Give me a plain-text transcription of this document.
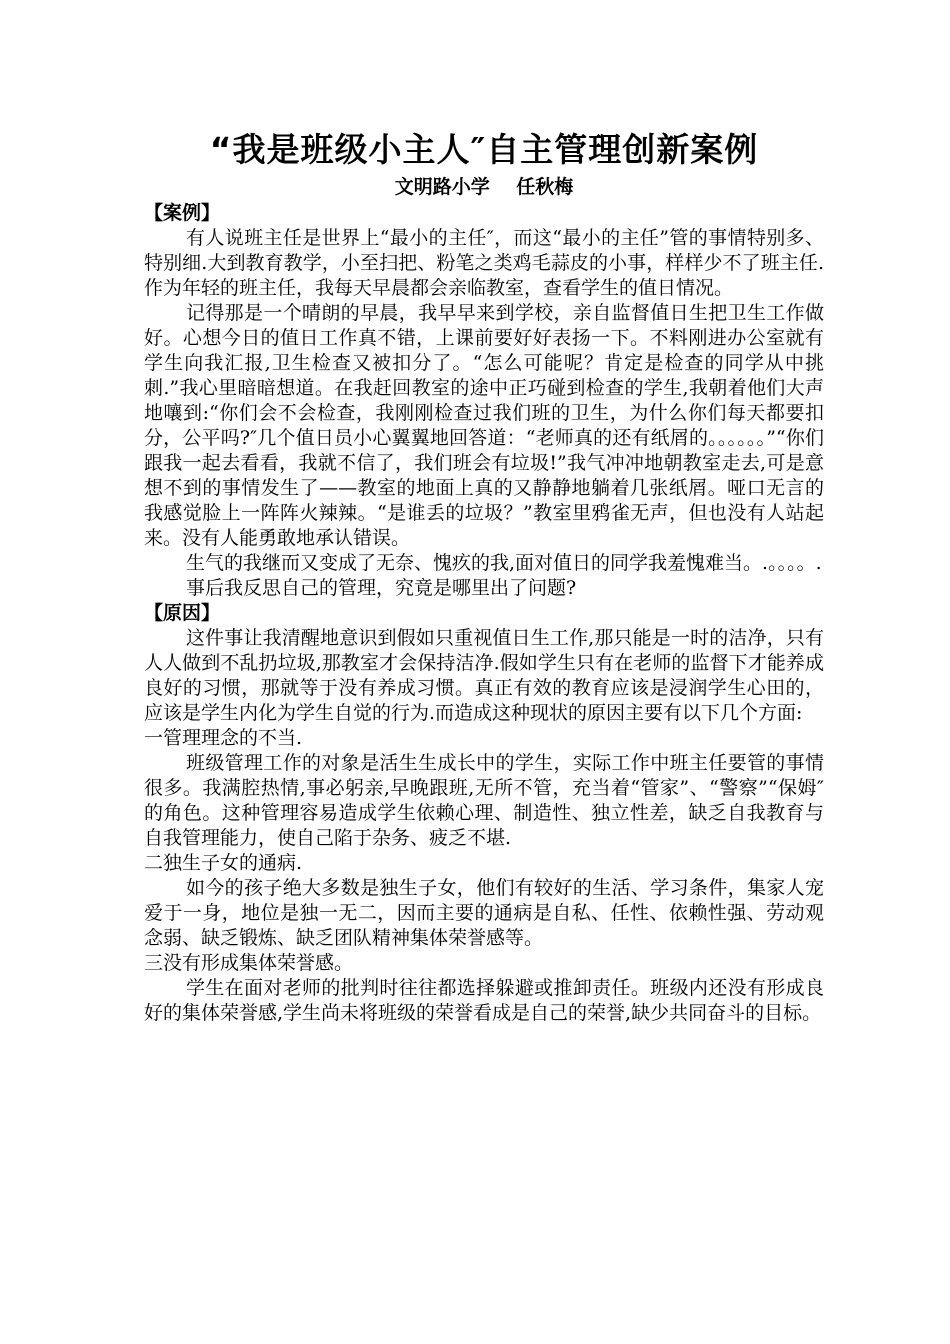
“我是班级小主人″自主管理创新案例
文明路小学    任秋梅
【案例】

有人说班主任是世界上“最小的主任″，而这“最小的主任”管的事情特别多、特别细.大到教育教学，小至扫把、粉笔之类鸡毛蒜皮的小事，样样少不了班主任.作为年轻的班主任，我每天早晨都会亲临教室，查看学生的值日情况。

记得那是一个晴朗的早晨，我早早来到学校，亲自监督值日生把卫生工作做好。心想今日的值日工作真不错，上课前要好好表扬一下。不料刚进办公室就有学生向我汇报,卫生检查又被扣分了。“怎么可能呢？肯定是检查的同学从中挑刺.”我心里暗暗想道。在我赶回教室的途中正巧碰到检查的学生,我朝着他们大声地嚷到:“你们会不会检查，我刚刚检查过我们班的卫生，为什么你们每天都要扣分，公平吗?″几个值日员小心翼翼地回答道：“老师真的还有纸屑的。。。。。。”“你们跟我一起去看看，我就不信了，我们班会有垃圾!”我气冲冲地朝教室走去,可是意想不到的事情发生了——教室的地面上真的又静静地躺着几张纸屑。哑口无言的我感觉脸上一阵阵火辣辣。“是谁丢的垃圾？”教室里鸦雀无声，但也没有人站起来。没有人能勇敢地承认错误。

生气的我继而又变成了无奈、愧疚的我,面对值日的同学我羞愧难当。.。。。。.

事后我反思自己的管理，究竟是哪里出了问题?

【原因】

这件事让我清醒地意识到假如只重视值日生工作,那只能是一时的洁净，只有人人做到不乱扔垃圾,那教室才会保持洁净.假如学生只有在老师的监督下才能养成良好的习惯，那就等于没有养成习惯。真正有效的教育应该是浸润学生心田的，应该是学生内化为学生自觉的行为.而造成这种现状的原因主要有以下几个方面:

一管理理念的不当.

班级管理工作的对象是活生生成长中的学生，实际工作中班主任要管的事情很多。我满腔热情,事必躬亲,早晚跟班,无所不管，充当着“管家”、“警察”“保姆″的角色。这种管理容易造成学生依赖心理、制造性、独立性差，缺乏自我教育与自我管理能力，使自己陷于杂务、疲乏不堪.

二独生子女的通病.

如今的孩子绝大多数是独生子女，他们有较好的生活、学习条件，集家人宠爱于一身，地位是独一无二，因而主要的通病是自私、任性、依赖性强、劳动观念弱、缺乏锻炼、缺乏团队精神集体荣誉感等。

三没有形成集体荣誉感。

学生在面对老师的批判时往往都选择躲避或推卸责任。班级内还没有形成良好的集体荣誉感,学生尚未将班级的荣誉看成是自己的荣誉,缺少共同奋斗的目标。
